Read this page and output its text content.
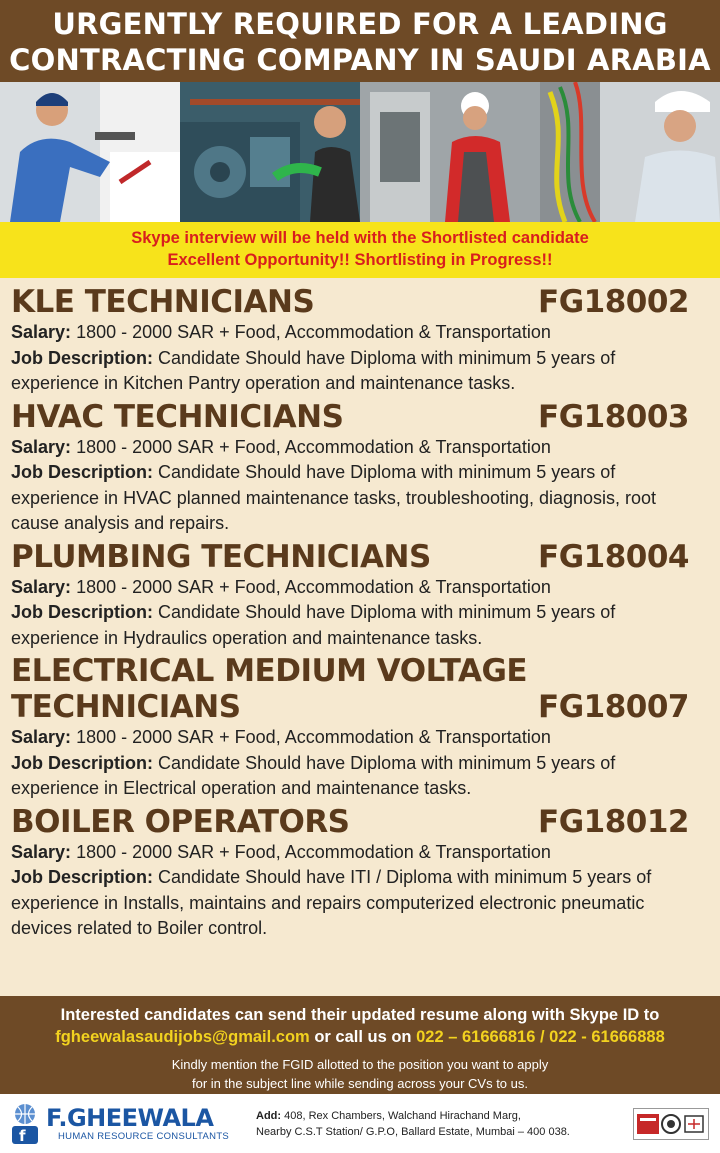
URGENTLY REQUIRED FOR A LEADING
CONTRACTING COMPANY IN SAUDI ARABIA
Skype interview will be held with the Shortlisted candidate
Excellent Opportunity!! Shortlisting in Progress!!
KLE TECHNICIANS	FG18002
Salary: 1800 - 2000 SAR + Food, Accommodation & Transportation
Job Description: Candidate Should have Diploma with minimum 5 years of
experience in Kitchen Pantry operation and maintenance tasks.
HVAC TECHNICIANS	FG18003
Salary: 1800 - 2000 SAR + Food, Accommodation & Transportation
Job Description: Candidate Should have Diploma with minimum 5 years of
experience in HVAC planned maintenance tasks, troubleshooting, diagnosis, root
cause analysis and repairs.
PLUMBING TECHNICIANS	FG18004
Salary: 1800 - 2000 SAR + Food, Accommodation & Transportation
Job Description: Candidate Should have Diploma with minimum 5 years of
experience in Hydraulics operation and maintenance tasks.
ELECTRICAL MEDIUM VOLTAGE
TECHNICIANS	FG18007
Salary: 1800 - 2000 SAR + Food, Accommodation & Transportation
Job Description: Candidate Should have Diploma with minimum 5 years of
experience in Electrical operation and maintenance tasks.
BOILER OPERATORS	FG18012
Salary: 1800 - 2000 SAR + Food, Accommodation & Transportation
Job Description: Candidate Should have ITI / Diploma with minimum 5 years of
experience in Installs, maintains and repairs computerized electronic pneumatic
devices related to Boiler control.
Interested candidates can send their updated resume along with Skype ID to
fgheewalasaudijobs@gmail.com or call us on 022 – 61666816 / 022 - 61666888
Kindly mention the FGID allotted to the position you want to apply
for in the subject line while sending across your CVs to us.
f
F.GHEEWALA
HUMAN RESOURCE CONSULTANTS
Add: 408, Rex Chambers, Walchand Hirachand Marg,
Nearby C.S.T Station/ G.P.O, Ballard Estate, Mumbai – 400 038.
